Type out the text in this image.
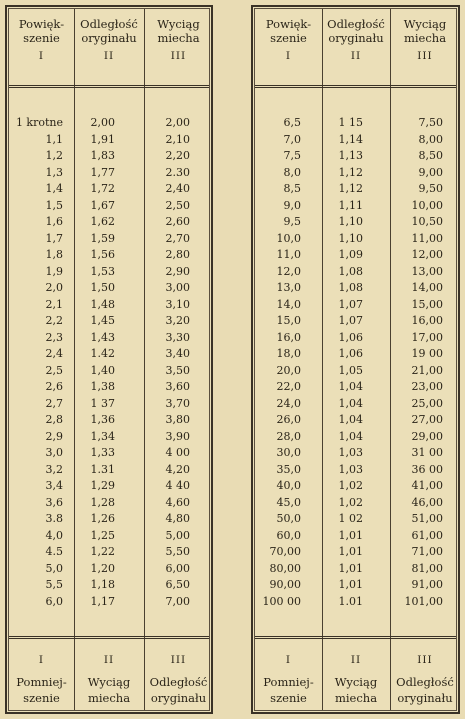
Powięk-
szenie
I
Odległość
oryginału
II
Wyciąg
miecha
III
1 krotne	2,00	2,00
1,1	1,91	2,10
1,2	1,83	2,20
1,3	1,77	2.30
1,4	1,72	2,40
1,5	1,67	2,50
1,6	1,62	2,60
1,7	1,59	2,70
1,8	1,56	2,80
1,9	1,53	2,90
2,0	1,50	3,00
2,1	1,48	3,10
2,2	1,45	3,20
2,3	1,43	3,30
2,4	1.42	3,40
2,5	1,40	3,50
2,6	1,38	3,60
2,7	1 37	3,70
2,8	1,36	3,80
2,9	1,34	3,90
3,0	1,33	4 00
3,2	1.31	4,20
3,4	1,29	4 40
3,6	1,28	4,60
3.8	1,26	4,80
4,0	1,25	5,00
4.5	1,22	5,50
5,0	1,20	6,00
5,5	1,18	6,50
6,0	1,17	7,00
I
Pomniej-
szenie
II
Wyciąg
miecha
III
Odległość
oryginału
Powięk-
szenie
I
Odległość
oryginału
II
Wyciąg
miecha
III
6,5	1 15	7,50
7,0	1,14	8,00
7,5	1,13	8,50
8,0	1,12	9,00
8,5	1,12	9,50
9,0	1,11	10,00
9,5	1,10	10,50
10,0	1,10	11,00
11,0	1,09	12,00
12,0	1,08	13,00
13,0	1,08	14,00
14,0	1,07	15,00
15,0	1,07	16,00
16,0	1,06	17,00
18,0	1,06	19 00
20,0	1,05	21,00
22,0	1,04	23,00
24,0	1,04	25,00
26,0	1,04	27,00
28,0	1,04	29,00
30,0	1,03	31 00
35,0	1,03	36 00
40,0	1,02	41,00
45,0	1,02	46,00
50,0	1 02	51,00
60,0	1,01	61,00
70,00	1,01	71,00
80,00	1,01	81,00
90,00	1,01	91,00
100 00	1.01	101,00
I
Pomniej-
szenie
II
Wyciąg
miecha
III
Odległość
oryginału
